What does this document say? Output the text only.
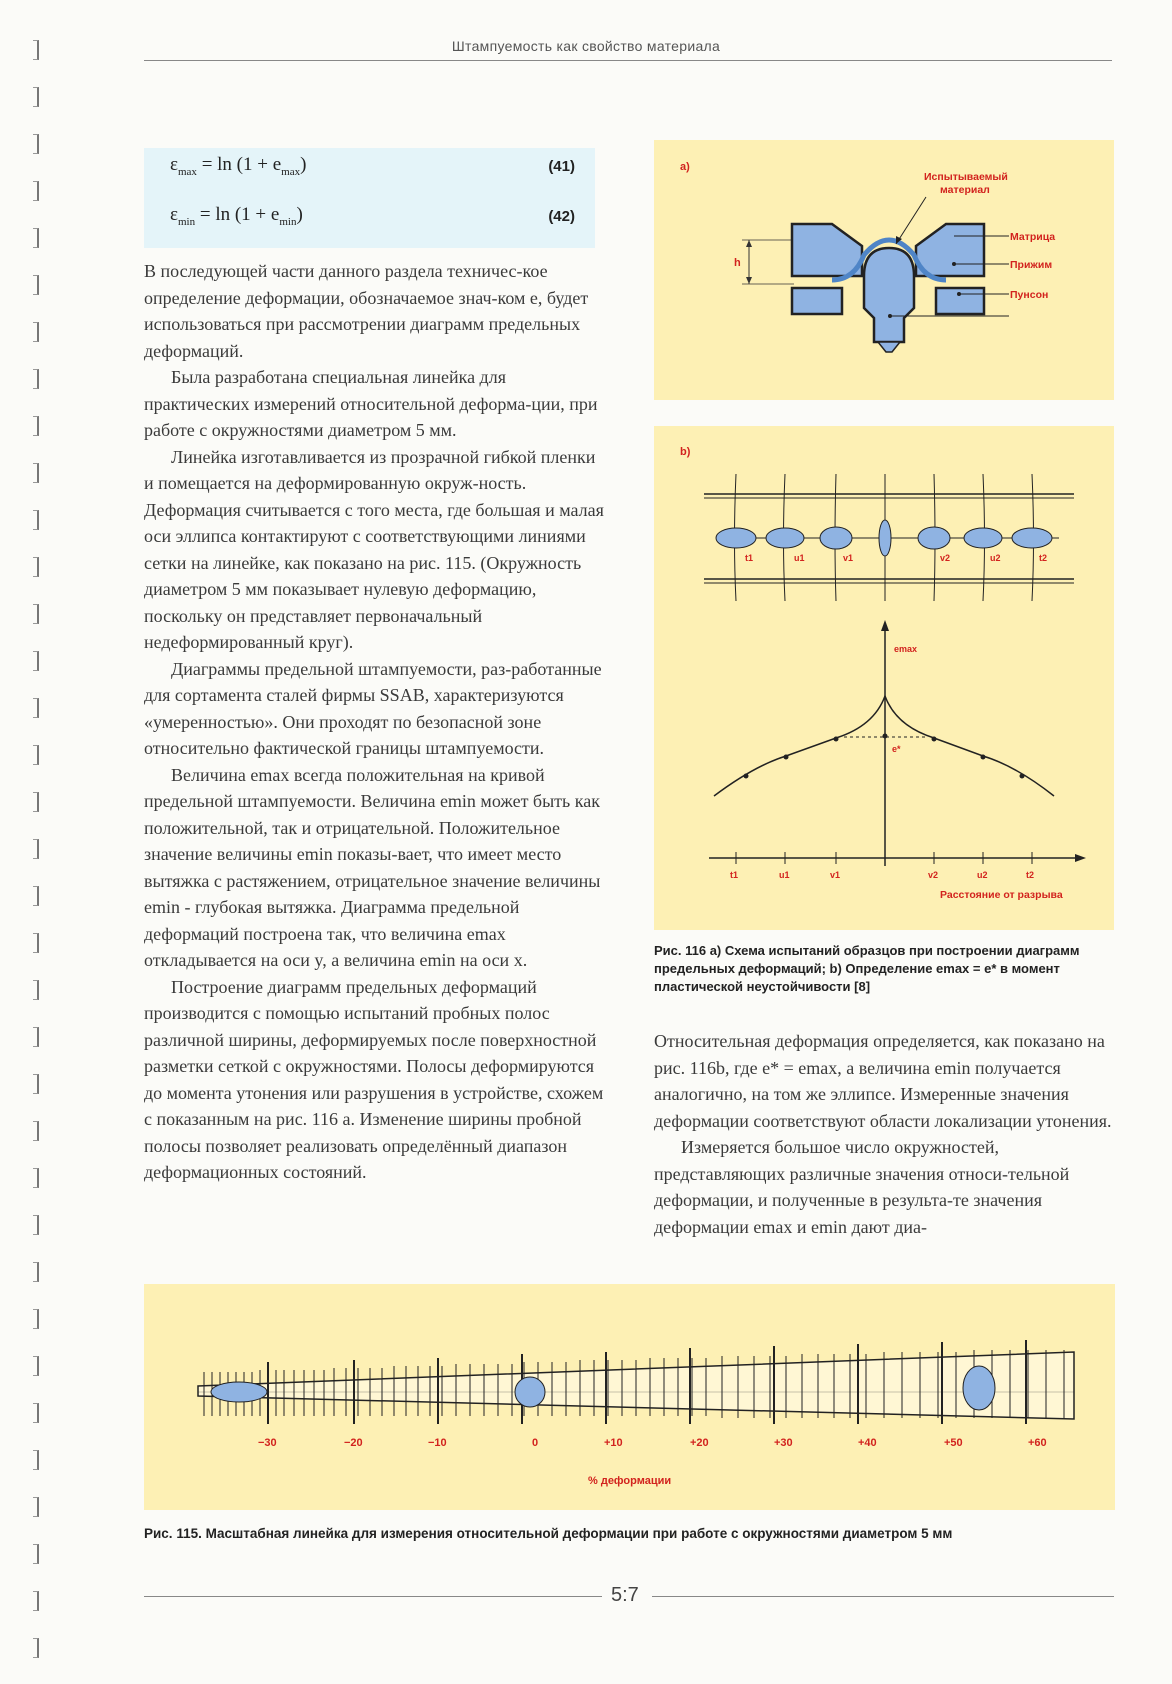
Штампуемость как свойство материала
$\varepsilon_{max} = \ln (1 + e_{max})$	(41)
$\varepsilon_{min} = \ln (1 + e_{min})$	(42)

В последующей части данного раздела техничес-кое определение деформации, обозначаемое знач-ком e, будет использоваться при рассмотрении диаграмм предельных деформаций.

Была разработана специальная линейка для практических измерений относительной деформа-ции, при работе с окружностями диаметром 5 мм.

Линейка изготавливается из прозрачной гибкой пленки и помещается на деформированную окруж-ность. Деформация считывается с того места, где большая и малая оси эллипса контактируют с соответствующими линиями сетки на линейке, как показано на рис. 115. (Окружность диаметром 5 мм показывает нулевую деформацию, поскольку он представляет первоначальный недеформированный круг).

Диаграммы предельной штампуемости, раз-работанные для сортамента сталей фирмы SSAB, характеризуются «умеренностью». Они проходят по безопасной зоне относительно фактической границы штампуемости.

Величина emax всегда положительная на кривой предельной штампуемости. Величина emin может быть как положительной, так и отрицательной. Положительное значение величины emin показы-вает, что имеет место вытяжка с растяжением, отрицательное значение величины emin - глубокая вытяжка. Диаграмма предельной деформаций построена так, что величина emax откладывается на оси y, а величина emin на оси x.

Построение диаграмм предельных деформаций производится с помощью испытаний пробных полос различной ширины, деформируемых после поверхностной разметки сеткой с окружностями. Полосы деформируются до момента утонения или разрушения в устройстве, схожем с показанным на рис. 116 a. Изменение ширины пробной полосы позволяет реализовать определённый диапазон деформационных состояний.

a)
h
Испытываемый
материал
Матрица
Прижим
Пунсон
b)
t1	u1	v1	v2	u2	t2
emax
e*
t1	u1	v1	v2	u2	t2
Расстояние от разрыва
Рис. 116 a) Схема испытаний образцов при построении диаграмм предельных деформаций; b) Определение emax = e* в момент пластической неустойчивости [8]

Относительная деформация определяется, как показано на рис. 116b, где e* = emax, а величина emin получается аналогично, на том же эллипсе. Измеренные значения деформации соответствуют области локализации утонения.

Измеряется большое число окружностей, представляющих различные значения относи-тельной деформации, и полученные в результа-те значения деформации emax и emin дают диа-

−30	−20	−10	0	+10	+20	+30	+40	+50	+60
% деформации
Рис. 115. Масштабная линейка для измерения относительной деформации при работе с окружностями диаметром 5 мм
5:7
